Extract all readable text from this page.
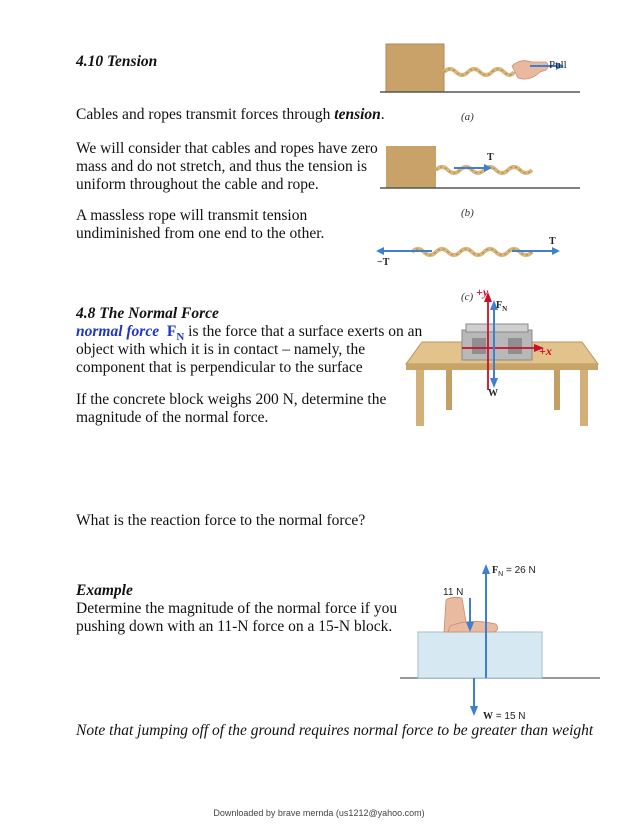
4.10 Tension

Cables and ropes transmit forces through tension.

We will consider that cables and ropes have zero

mass and do not stretch, and thus the tension is

uniform throughout the cable and rope.

A massless rope will transmit tension

undiminished from one end to the other.

Pull
(a)
T
(b)
T
−T
(c)

4.8 The Normal Force

normal force $F_N$ is the force that a surface exerts on an

object with which it is in contact – namely, the

component that is perpendicular to the surface

If the concrete block weighs 200 N, determine the

magnitude of the normal force.

What is the reaction force to the normal force?

+y
+x
$F_N$
W

Example

Determine the magnitude of the normal force if you

pushing down with an 11-N force on a 15-N block.

11 N
$F_N = 26$ N
W = 15 N

Note that jumping off of the ground requires normal force to be greater than weight

Downloaded by brave mernda (us1212@yahoo.com)
